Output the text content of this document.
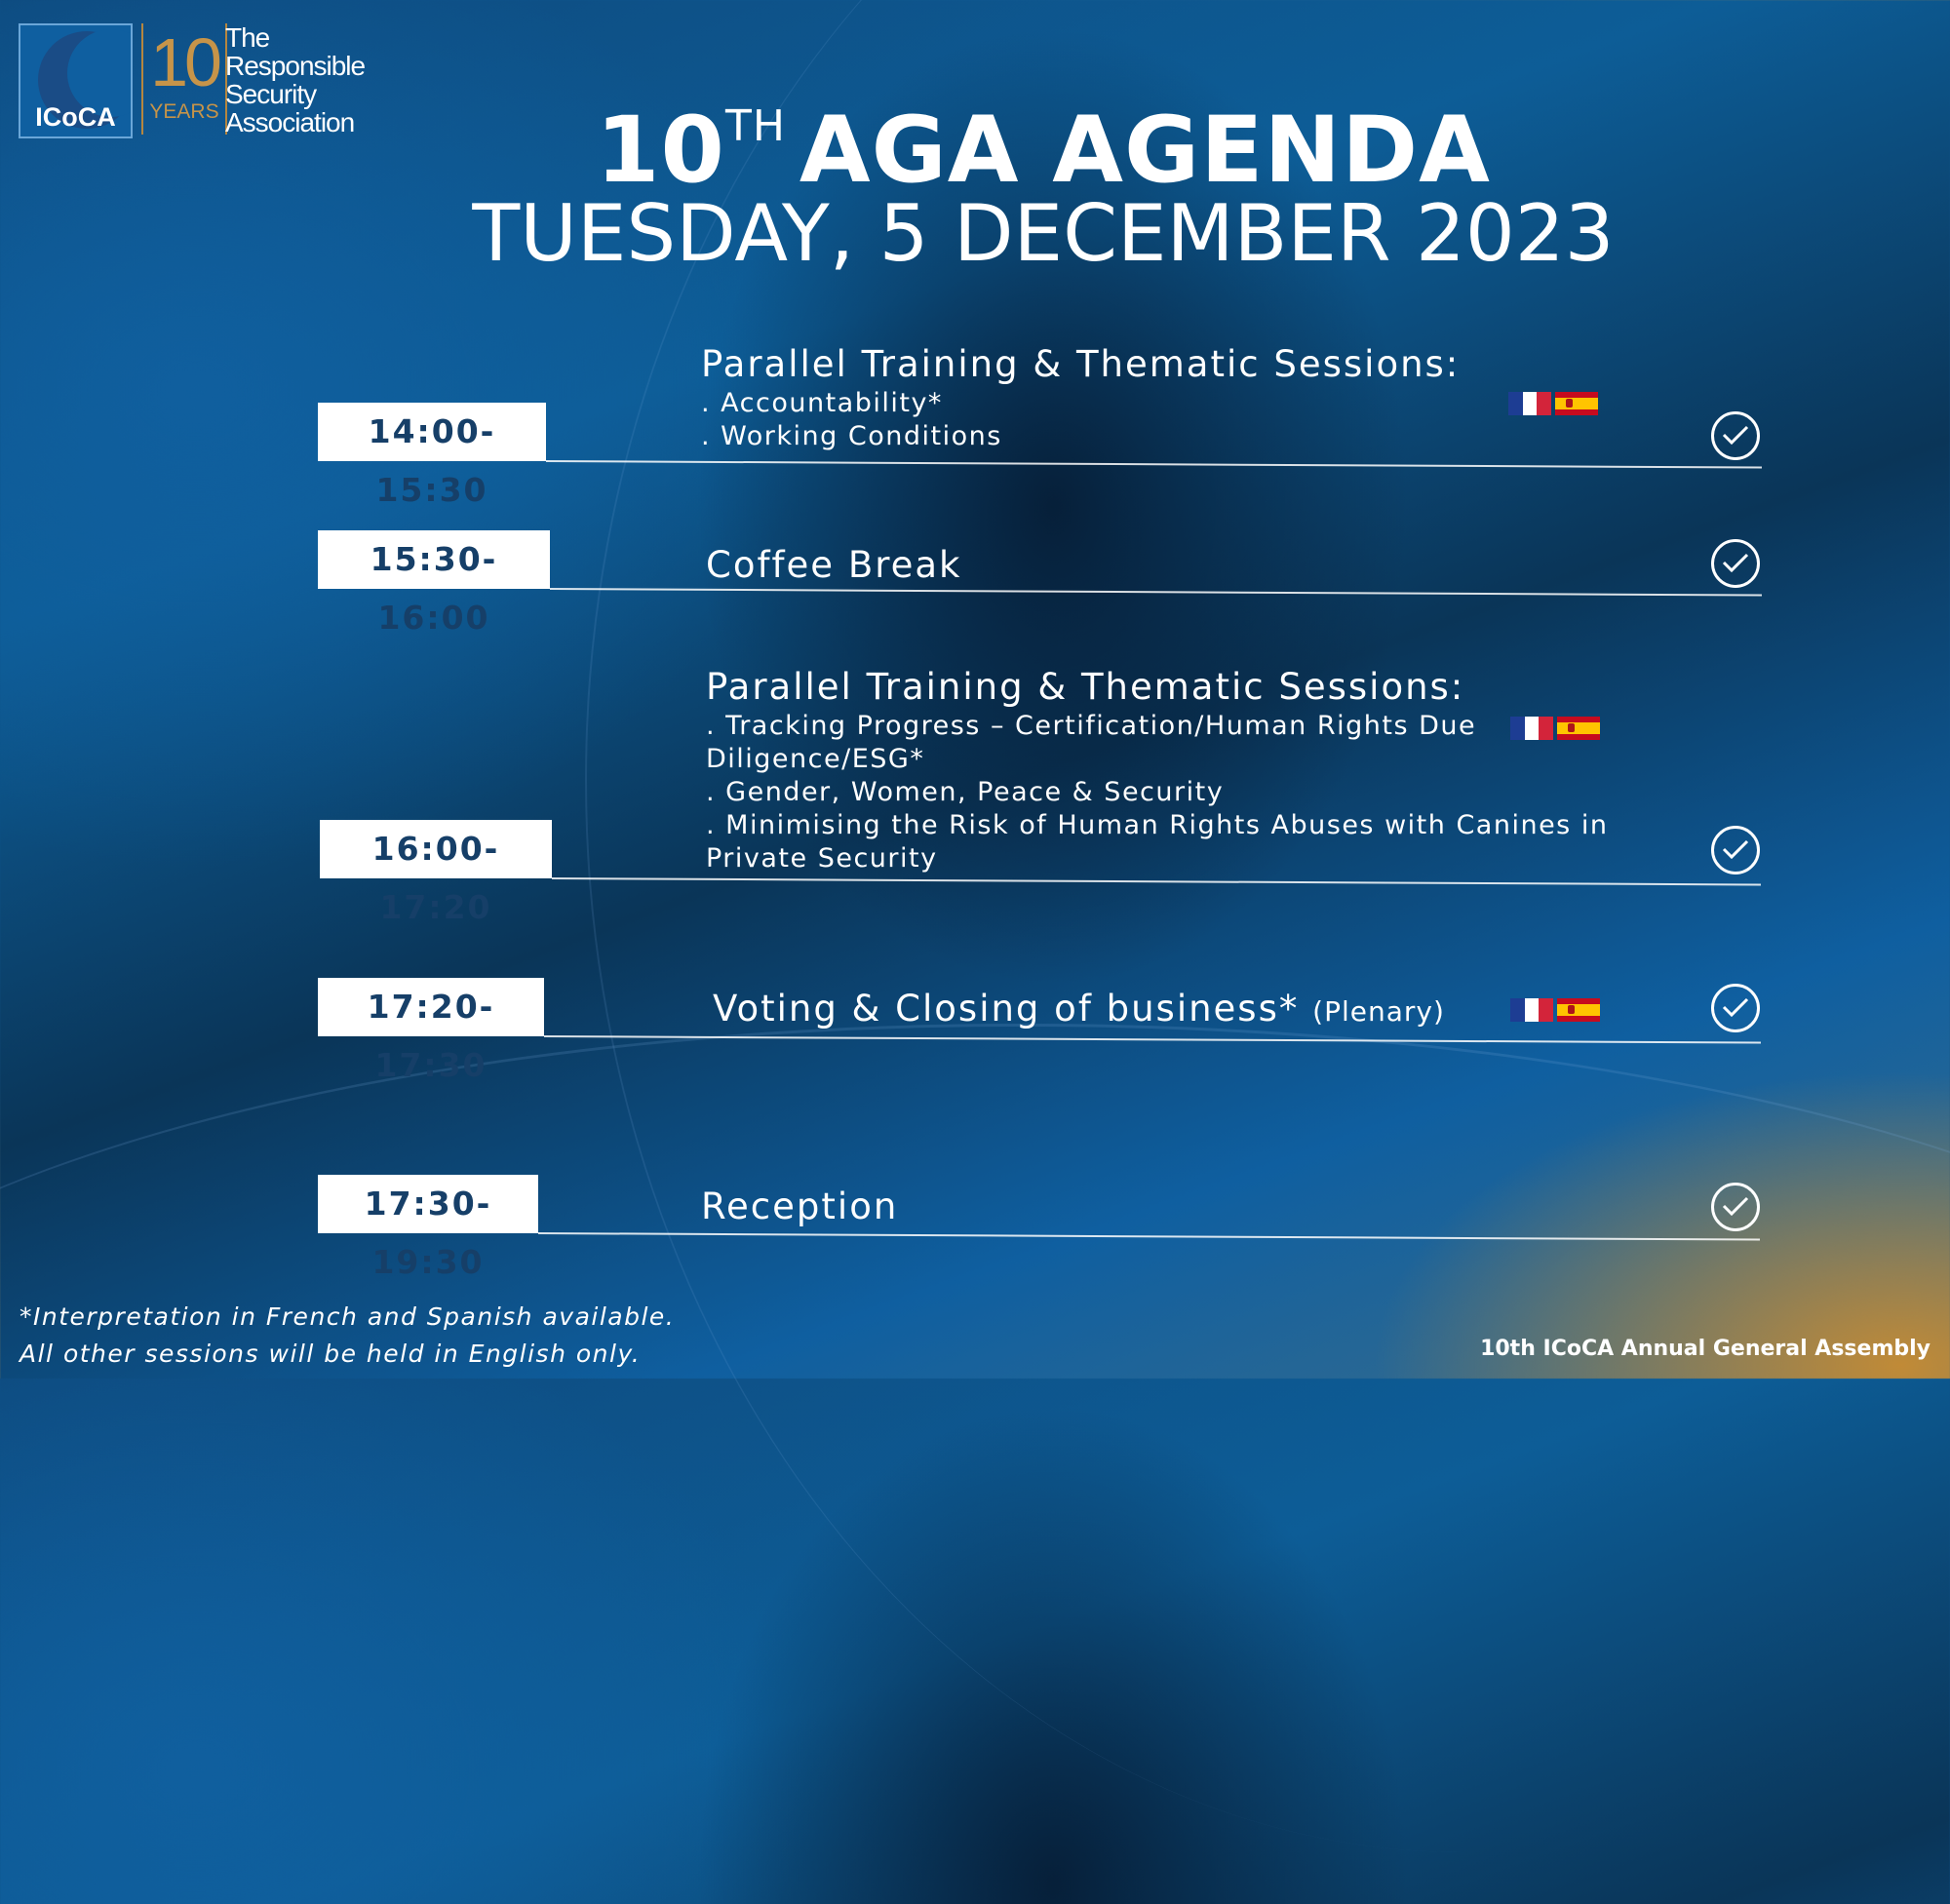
ICoCA
10
YEARS
The
Responsible
Security
Association	10TH AGA AGENDA
TUESDAY, 5 DECEMBER 2023
14:00-15:30
Parallel Training & Thematic Sessions:
. Accountability*
. Working Conditions
15:30-16:00
Coffee Break
16:00-17:20
Parallel Training & Thematic Sessions:
. Tracking Progress – Certification/Human Rights Due
Diligence/ESG*
. Gender, Women, Peace & Security
. Minimising the Risk of Human Rights Abuses with Canines in
Private Security
17:20-17:30
Voting & Closing of business* (Plenary)
17:30-19:30
Reception
*Interpretation in French and Spanish available.
All other sessions will be held in English only.	10th ICoCA Annual General Assembly
